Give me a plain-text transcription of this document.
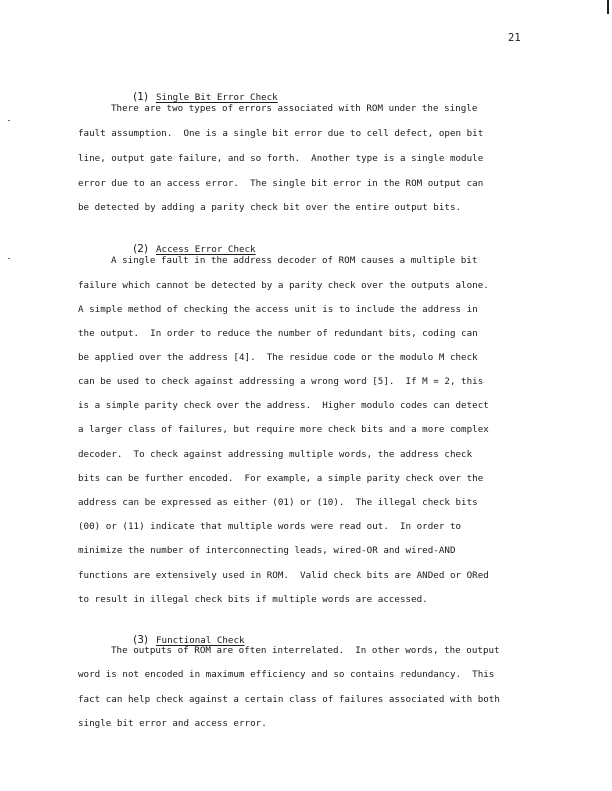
21

(1) Single Bit Error Check

There are two types of errors associated with ROM under the single
fault assumption.  One is a single bit error due to cell defect, open bit
line, output gate failure, and so forth.  Another type is a single module
error due to an access error.  The single bit error in the ROM output can
be detected by adding a parity check bit over the entire output bits.

(2) Access Error Check

A single fault in the address decoder of ROM causes a multiple bit
failure which cannot be detected by a parity check over the outputs alone.
A simple method of checking the access unit is to include the address in
the output.  In order to reduce the number of redundant bits, coding can
be applied over the address [4].  The residue code or the modulo M check
can be used to check against addressing a wrong word [5].  If M = 2, this
is a simple parity check over the address.  Higher modulo codes can detect
a larger class of failures, but require more check bits and a more complex
decoder.  To check against addressing multiple words, the address check
bits can be further encoded.  For example, a simple parity check over the
address can be expressed as either (01) or (10).  The illegal check bits
(00) or (11) indicate that multiple words were read out.  In order to
minimize the number of interconnecting leads, wired-OR and wired-AND
functions are extensively used in ROM.  Valid check bits are ANDed or ORed
to result in illegal check bits if multiple words are accessed.

(3) Functional Check

The outputs of ROM are often interrelated.  In other words, the output
word is not encoded in maximum efficiency and so contains redundancy.  This
fact can help check against a certain class of failures associated with both
single bit error and access error.
